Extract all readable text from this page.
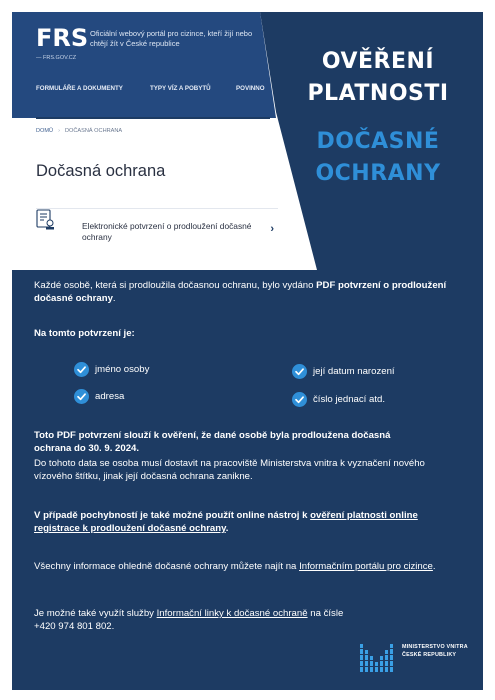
FRS
— FRS.GOV.CZ
Oficiální webový portál pro cizince, kteří žijí nebo chtějí žít v České republice
FORMULÁŘE A DOKUMENTY	TYPY VÍZ A POBYTŮ	POVINNO
DOMŮ › DOČASNÁ OCHRANA
Dočasná ochrana
Elektronické potvrzení o prodloužení dočasné ochrany
›
OVĚŘENÍ
PLATNOSTI
DOČASNÉ
OCHRANY
Každé osobě, která si prodloužila dočasnou ochranu, bylo vydáno PDF potvrzení o prodloužení dočasné ochrany.
Na tomto potvrzení je:
jméno osoby	její datum narození
adresa	číslo jednací atd.
Toto PDF potvrzení slouží k ověření, že dané osobě byla prodloužena dočasná ochrana do 30. 9. 2024.
Do tohoto data se osoba musí dostavit na pracoviště Ministerstva vnitra k vyznačení nového vízového štítku, jinak její dočasná ochrana zanikne.
V případě pochybností je také možné použít online nástroj k ověření platnosti online registrace k prodloužení dočasné ochrany.
Všechny informace ohledně dočasné ochrany můžete najít na Informačním portálu pro cizince.
Je možné také využít služby Informační linky k dočasné ochraně na čísle +420 974 801 802.
MINISTERSTVO VNITRA
ČESKÉ REPUBLIKY
